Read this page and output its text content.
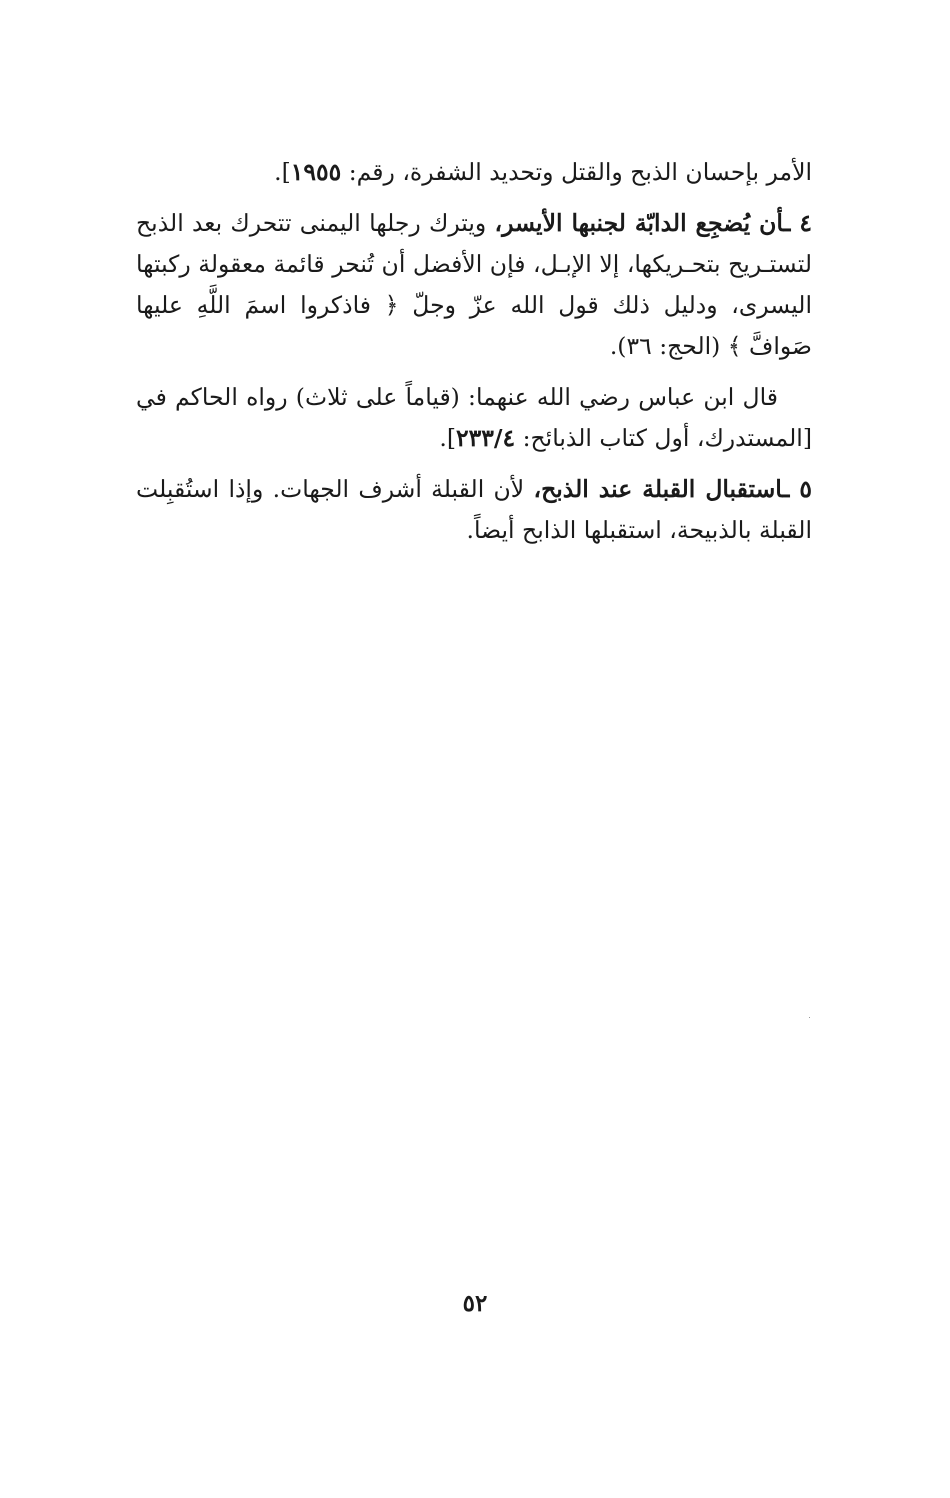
الأمر بإحسان الذبح والقتل وتحديد الشفرة، رقم: ١٩٥٥].

٤ ـأن يُضجِع الدابّة لجنبها الأيسر، ويترك رجلها اليمنى تتحرك بعد الذبح لتستـريح بتحـريكها، إلا الإبـل، فإن الأفضل أن تُنحر قائمة معقولة ركبتها اليسرى، ودليل ذلك قول الله عزّ وجلّ ﴿ فاذكروا اسمَ اللَّهِ عليها صَوافَّ ﴾ (الحج: ٣٦).

قال ابن عباس رضي الله عنهما: (قياماً على ثلاث) رواه الحاكم في [المستدرك، أول كتاب الذبائح: ٢٣٣/٤].

٥ ـاستقبال القبلة عند الذبح، لأن القبلة أشرف الجهات. وإذا استُقبِلت القبلة بالذبيحة، استقبلها الذابح أيضاً.

٥٢
